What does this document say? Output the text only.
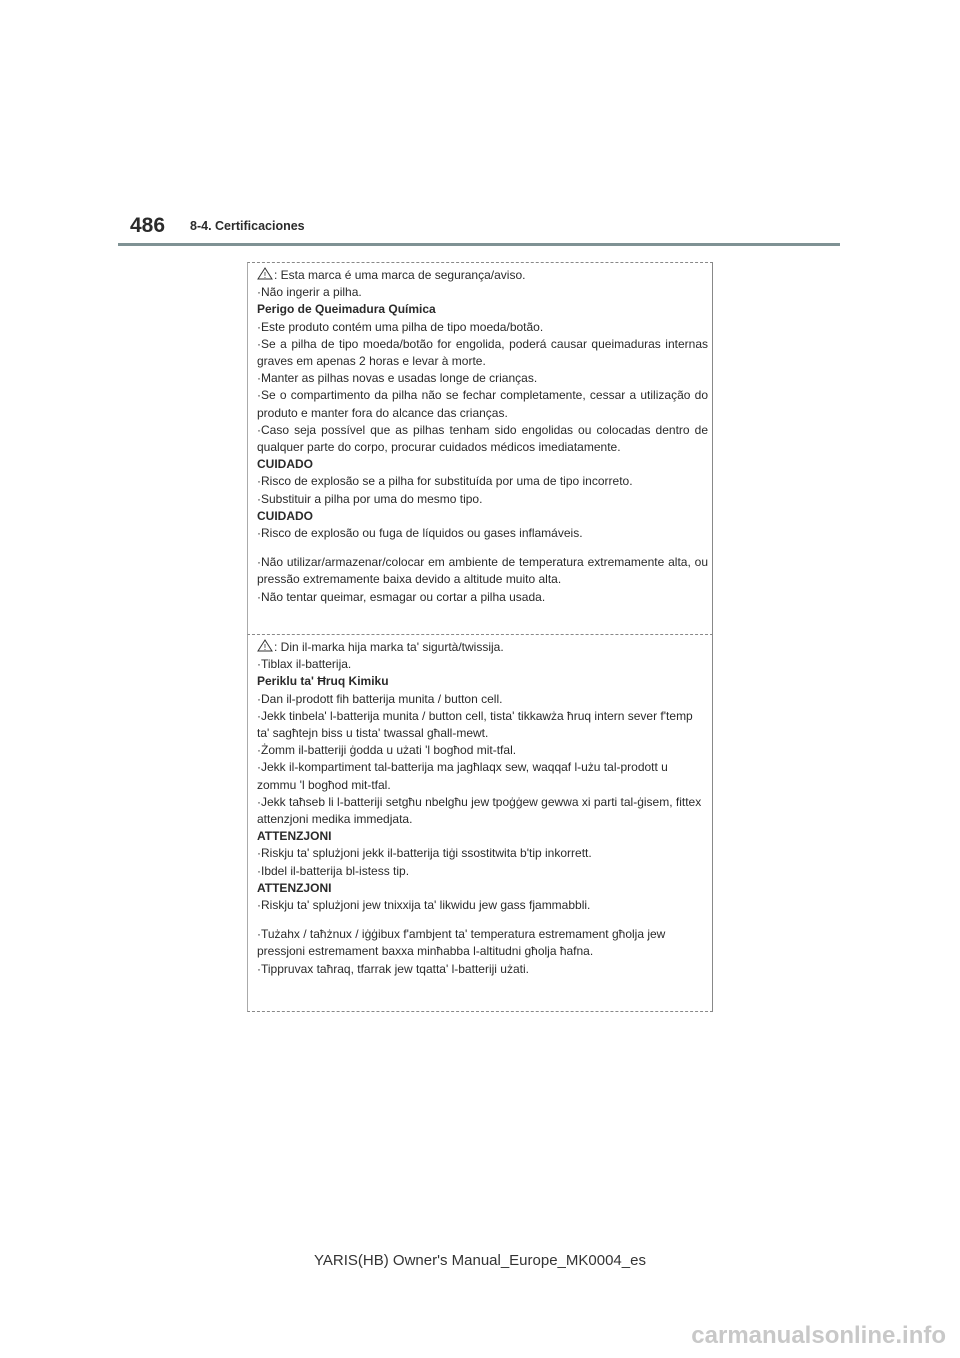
486 8-4. Certificaciones

! : Esta marca é uma marca de segurança/aviso.

·Não ingerir a pilha.

Perigo de Queimadura Química

·Este produto contém uma pilha de tipo moeda/botão.

·Se a pilha de tipo moeda/botão for engolida, poderá causar queimaduras internas graves em apenas 2 horas e levar à morte.

·Manter as pilhas novas e usadas longe de crianças.

·Se o compartimento da pilha não se fechar completamente, cessar a utilização do produto e manter fora do alcance das crianças.

·Caso seja possível que as pilhas tenham sido engolidas ou colocadas dentro de qualquer parte do corpo, procurar cuidados médicos imediatamente.

CUIDADO

·Risco de explosão se a pilha for substituída por uma de tipo incorreto.

·Substituir a pilha por uma do mesmo tipo.

CUIDADO

·Risco de explosão ou fuga de líquidos ou gases inflamáveis.

·Não utilizar/armazenar/colocar em ambiente de temperatura extremamente alta, ou pressão extremamente baixa devido a altitude muito alta.

·Não tentar queimar, esmagar ou cortar a pilha usada.

! : Din il-marka hija marka ta' sigurtà/twissija.

·Tiblax il-batterija.

Periklu ta' Ħruq Kimiku

·Dan il-prodott fih batterija munita / button cell.

·Jekk tinbela' l-batterija munita / button cell, tista' tikkawża ħruq intern sever f'temp ta' sagħtejn biss u tista' twassal għall-mewt.

·Żomm il-batteriji ġodda u użati 'l bogħod mit-tfal.

·Jekk il-kompartiment tal-batterija ma jagħlaqx sew, waqqaf l-użu tal-prodott u zommu 'l bogħod mit-tfal.

·Jekk taħseb li l-batteriji setgħu nbelgħu jew tpoġġew gewwa xi parti tal-ġisem, fittex attenzjoni medika immedjata.

ATTENZJONI

·Riskju ta' splużjoni jekk il-batterija tiġi ssostitwita b'tip inkorrett.

·Ibdel il-batterija bl-istess tip.

ATTENZJONI

·Riskju ta' splużjoni jew tnixxija ta' likwidu jew gass fjammabbli.

·Tużahx / taħżnux / iġġibux f'ambjent ta' temperatura estremament għolja jew pressjoni estremament baxxa minħabba l-altitudni għolja ħafna.

·Tippruvax taħraq, tfarrak jew tqatta' l-batteriji użati.

YARIS(HB) Owner's Manual_Europe_MK0004_es
carmanualsonline.info
